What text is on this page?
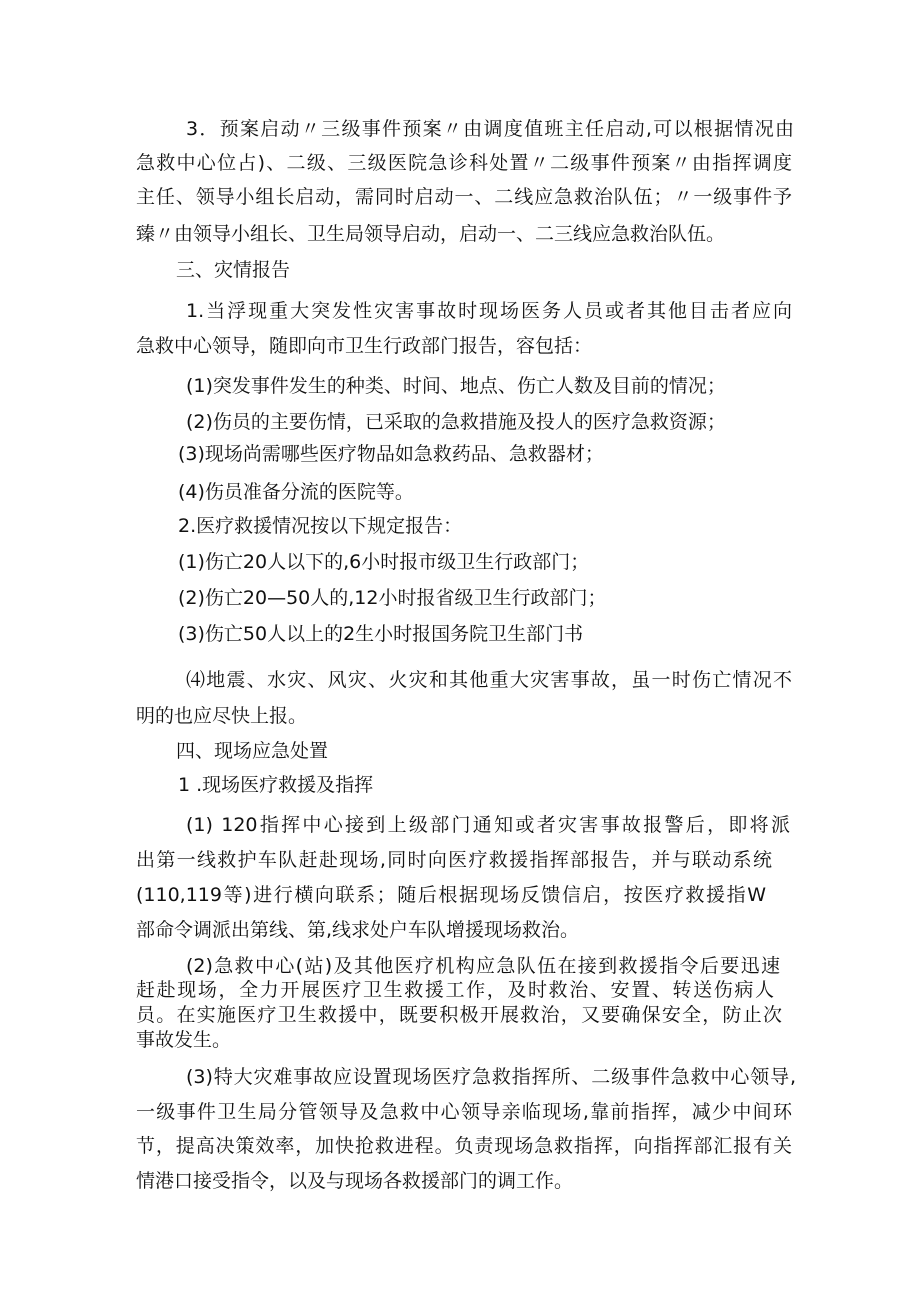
3．预案启动〃三级事件预案〃由调度值班主任启动,可以根据情况由
急救中心位占)、二级、三级医院急诊科处置〃二级事件预案〃由指挥调度
主任、领导小组长启动，需同时启动一、二线应急救治队伍；〃一级事件予
臻〃由领导小组长、卫生局领导启动，启动一、二三线应急救治队伍。
三、灾情报告
1.当浮现重大突发性灾害事故时现场医务人员或者其他目击者应向
急救中心领导，随即向市卫生行政部门报告，容包括：
(1)突发事件发生的种类、时间、地点、伤亡人数及目前的情况；
(2)伤员的主要伤情，已采取的急救措施及投人的医疗急救资源；
(3)现场尚需哪些医疗物品如急救药品、急救器材；
(4)伤员准备分流的医院等。
2.医疗救援情况按以下规定报告：
(1)伤亡20人以下的,6小时报市级卫生行政部门；
(2)伤亡20—50人的,12小时报省级卫生行政部门；
(3)伤亡50人以上的2生小时报国务院卫生部门书
⑷地震、水灾、风灾、火灾和其他重大灾害事故，虽一时伤亡情况不
明的也应尽快上报。
四、现场应急处置
1 .现场医疗救援及指挥
(1) 120指挥中心接到上级部门通知或者灾害事故报警后，即将派
出第一线救护车队赶赴现场,同时向医疗救援指挥部报告，并与联动系统
(110,119等)进行横向联系；随后根据现场反馈信启，按医疗救援指W
部命令调派出第线、第,线求处户车队增援现场救治。
(2)急救中心(站)及其他医疗机构应急队伍在接到救援指令后要迅速
赶赴现场，全力开展医疗卫生救援工作，及时救治、安置、转送伤病人
员。在实施医疗卫生救援中，既要积极开展救治，又要确保安全，防止次
事故发生。
(3)特大灾难事故应设置现场医疗急救指挥所、二级事件急救中心领导,
一级事件卫生局分管领导及急救中心领导亲临现场,靠前指挥，减少中间环
节，提高决策效率，加快抢救进程。负责现场急救指挥，向指挥部汇报有关
情港口接受指令，以及与现场各救援部门的调工作。
